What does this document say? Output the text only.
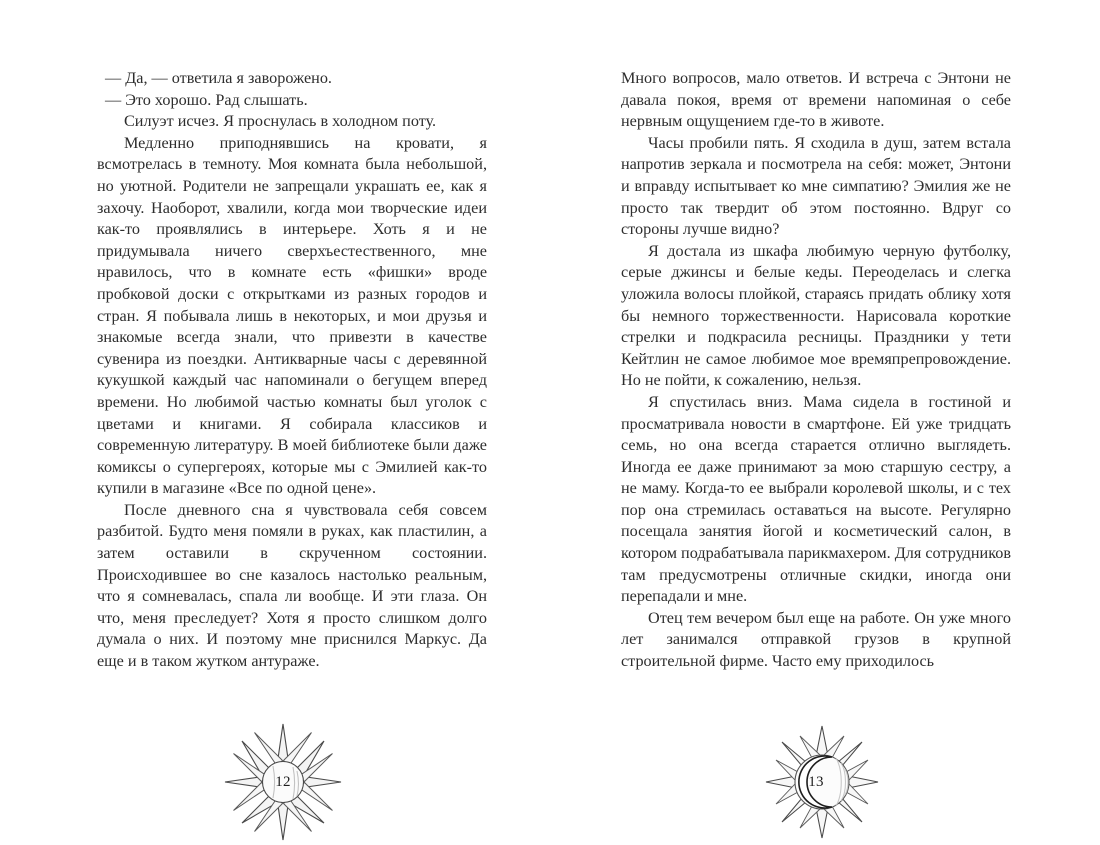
— Да, — ответила я заворожено.

— Это хорошо. Рад слышать.

Силуэт исчез. Я проснулась в холодном поту.

Медленно приподнявшись на кровати, я всмотрелась в темноту. Моя комната была небольшой, но уютной. Родители не запрещали украшать ее, как я захочу. Наоборот, хвалили, когда мои творческие идеи как-то проявлялись в интерьере. Хоть я и не придумывала ничего сверхъестественного, мне нравилось, что в комнате есть «фишки» вроде пробковой доски с открытками из разных городов и стран. Я побывала лишь в некоторых, и мои друзья и знакомые всегда знали, что привезти в качестве сувенира из поездки. Антикварные часы с деревянной кукушкой каждый час напоминали о бегущем вперед времени. Но любимой частью комнаты был уголок с цветами и книгами. Я собирала классиков и современную литературу. В моей библиотеке были даже комиксы о супергероях, которые мы с Эмилией как-то купили в магазине «Все по одной цене».

После дневного сна я чувствовала себя совсем разбитой. Будто меня помяли в руках, как пластилин, а затем оставили в скрученном состоянии. Происходившее во сне казалось настолько реальным, что я сомневалась, спала ли вообще. И эти глаза. Он что, меня преследует? Хотя я просто слишком долго думала о них. И поэтому мне приснился Маркус. Да еще и в таком жутком антураже.

12

Много вопросов, мало ответов. И встреча с Энтони не давала покоя, время от времени напоминая о себе нервным ощущением где-то в животе.

Часы пробили пять. Я сходила в душ, затем встала напротив зеркала и посмотрела на себя: может, Энтони и вправду испытывает ко мне симпатию? Эмилия же не просто так твердит об этом постоянно. Вдруг со стороны лучше видно?

Я достала из шкафа любимую черную футболку, серые джинсы и белые кеды. Переоделась и слегка уложила волосы плойкой, стараясь придать облику хотя бы немного торжественности. Нарисовала короткие стрелки и подкрасила ресницы. Праздники у тети Кейтлин не самое любимое мое времяпрепровождение. Но не пойти, к сожалению, нельзя.

Я спустилась вниз. Мама сидела в гостиной и просматривала новости в смартфоне. Ей уже тридцать семь, но она всегда старается отлично выглядеть. Иногда ее даже принимают за мою старшую сестру, а не маму. Когда-то ее выбрали королевой школы, и с тех пор она стремилась оставаться на высоте. Регулярно посещала занятия йогой и косметический салон, в котором подрабатывала парикмахером. Для сотрудников там предусмотрены отличные скидки, иногда они перепадали и мне.

Отец тем вечером был еще на работе. Он уже много лет занимался отправкой грузов в крупной строительной фирме. Часто ему приходилось

13
